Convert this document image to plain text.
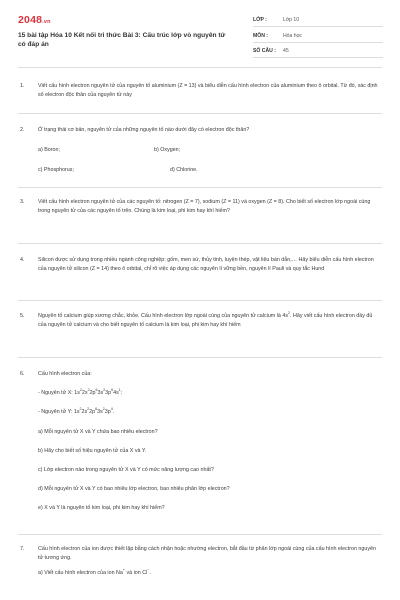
2048.vn
15 bài tập Hóa 10 Kết nối tri thức Bài 3: Cấu trúc lớp vỏ nguyên tử có đáp án
LỚP :	Lớp 10
MÔN :	Hóa học
SỐ CÂU : 45
1.	Viết cấu hình electron nguyên tử của nguyên tố aluminium (Z = 13) và biểu diễn cấu hình electron của aluminium theo ô orbital. Từ đó, xác định số electron độc thân của nguyên tử này

2.	Ở trạng thái cơ bản, nguyên tử của những nguyên tố nào dưới đây có electron độc thân?

a) Boron;	b) Oxygen;
c) Phosphorus;	d) Chlorine.
3.	Viết cấu hình electron nguyên tử của các nguyên tố: nitrogen (Z = 7), sodium (Z = 11) và oxygen (Z = 8). Cho biết số electron lớp ngoài cùng trong nguyên tử của các nguyên tố trên. Chúng là kim loại, phi kim hay khí hiếm?

4.	Silicon được sử dụng trong nhiều ngành công nghiệp: gốm, men sứ, thủy tinh, luyện thép, vật liệu bán dẫn,… Hãy biểu diễn cấu hình electron của nguyên tử silicon (Z = 14) theo ô orbital, chỉ rõ việc áp dụng các nguyên lí vững bền, nguyên lí Pauli và quy tắc Hund

5.	Nguyên tố calcium giúp xương chắc, khỏe. Cấu hình electron lớp ngoài cùng của nguyên tử calcium là $4s^2$. Hãy viết cấu hình electron đầy đủ của nguyên tử calcium và cho biết nguyên tố calcium là kim loại, phi kim hay khí hiếm

6.	Cấu hình electron của:

- Nguyên tử X: $1s^22s^22p^63s^23p^64s^1$;

- Nguyên tử Y: $1s^22s^22p^63s^23p^4$.

a) Mỗi nguyên tử X và Y chứa bao nhiêu electron?

b) Hãy cho biết số hiệu nguyên tử của X và Y.

c) Lớp electron nào trong nguyên tử X và Y có mức năng lượng cao nhất?

d) Mỗi nguyên tử X và Y có bao nhiêu lớp electron, bao nhiêu phân lớp electron?

e) X và Y là nguyên tố kim loại, phi kim hay khí hiếm?

7.	Cấu hình electron của ion được thiết lập bằng cách nhận hoặc nhường electron, bắt đầu từ phân lớp ngoài cùng của cấu hình electron nguyên tử tương ứng.

a) Viết cấu hình electron của ion Na+ và ion Cl−.
